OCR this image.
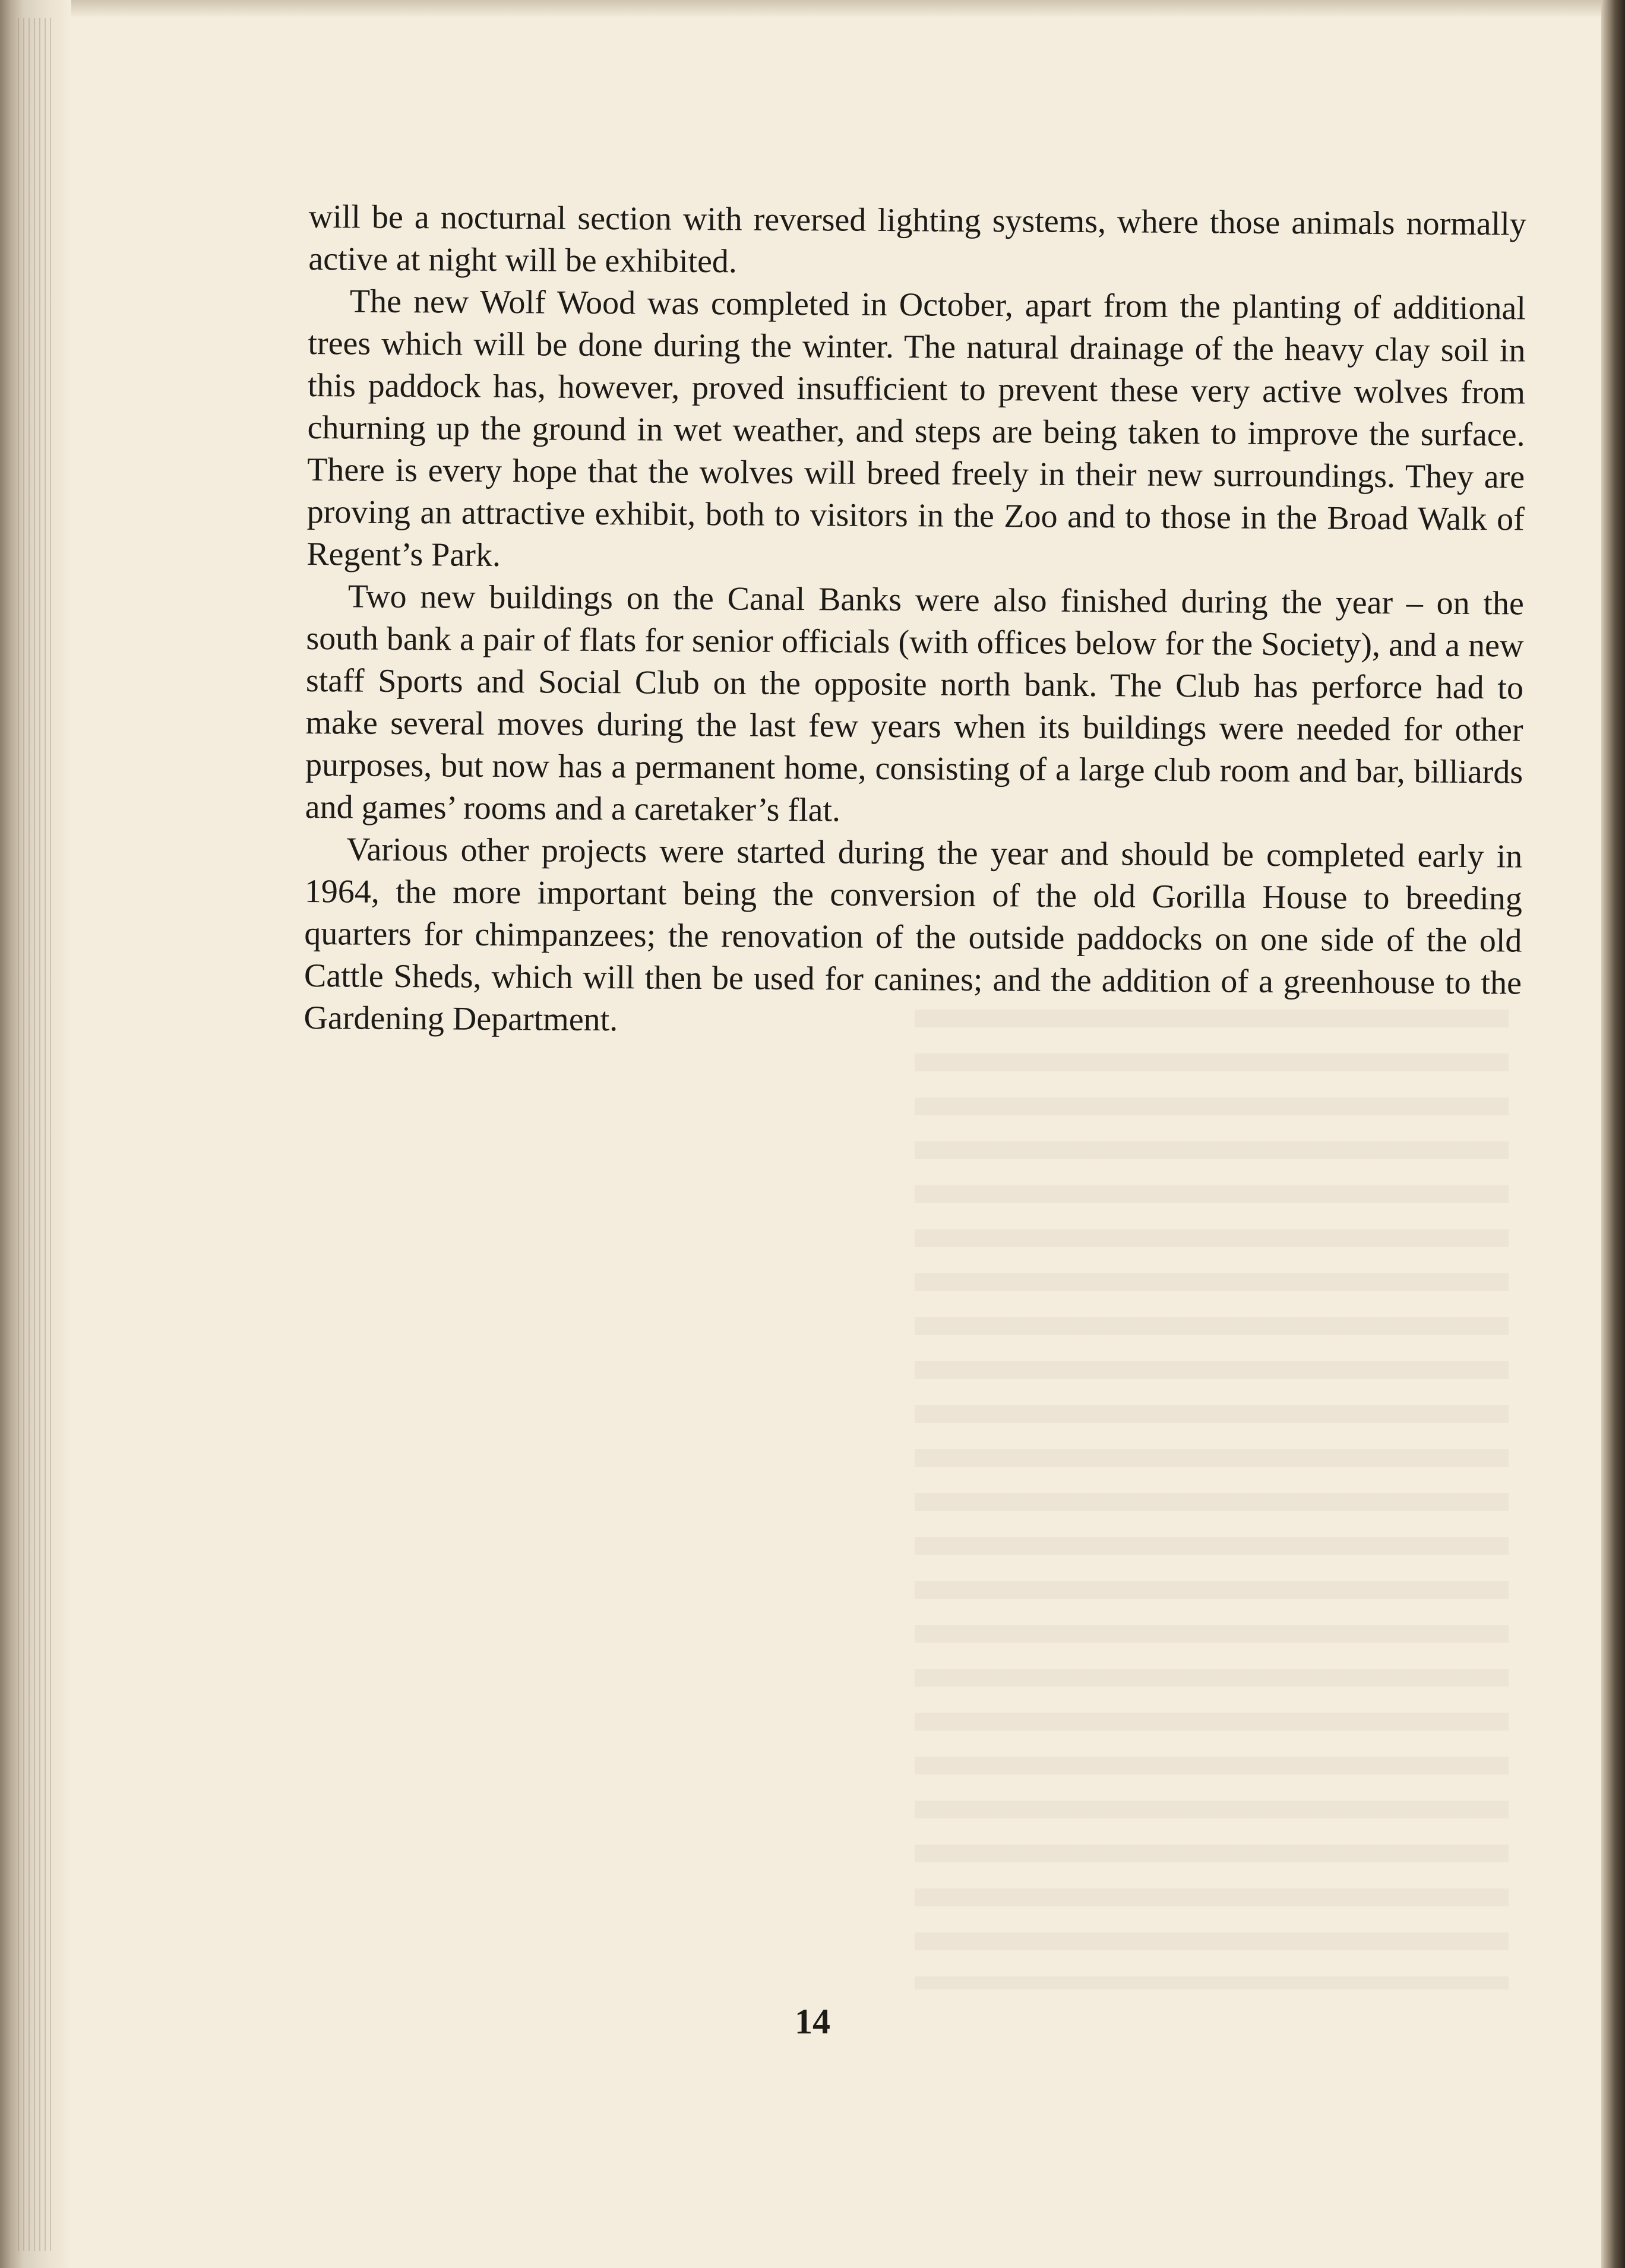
will be a nocturnal section with reversed lighting systems, where those animals normally active at night will be exhibited.

The new Wolf Wood was completed in October, apart from the planting of additional trees which will be done during the winter. The natural drainage of the heavy clay soil in this paddock has, however, proved insufficient to prevent these very active wolves from churning up the ground in wet weather, and steps are being taken to improve the surface. There is every hope that the wolves will breed freely in their new surroundings. They are proving an attractive exhibit, both to visitors in the Zoo and to those in the Broad Walk of Regent’s Park.

Two new buildings on the Canal Banks were also finished during the year – on the south bank a pair of flats for senior officials (with offices below for the Society), and a new staff Sports and Social Club on the opposite north bank. The Club has perforce had to make several moves during the last few years when its buildings were needed for other purposes, but now has a permanent home, consisting of a large club room and bar, billiards and games’ rooms and a caretaker’s flat.

Various other projects were started during the year and should be completed early in 1964, the more important being the conversion of the old Gorilla House to breeding quarters for chimpanzees; the renovation of the outside paddocks on one side of the old Cattle Sheds, which will then be used for canines; and the addition of a greenhouse to the Gardening Department.

14
